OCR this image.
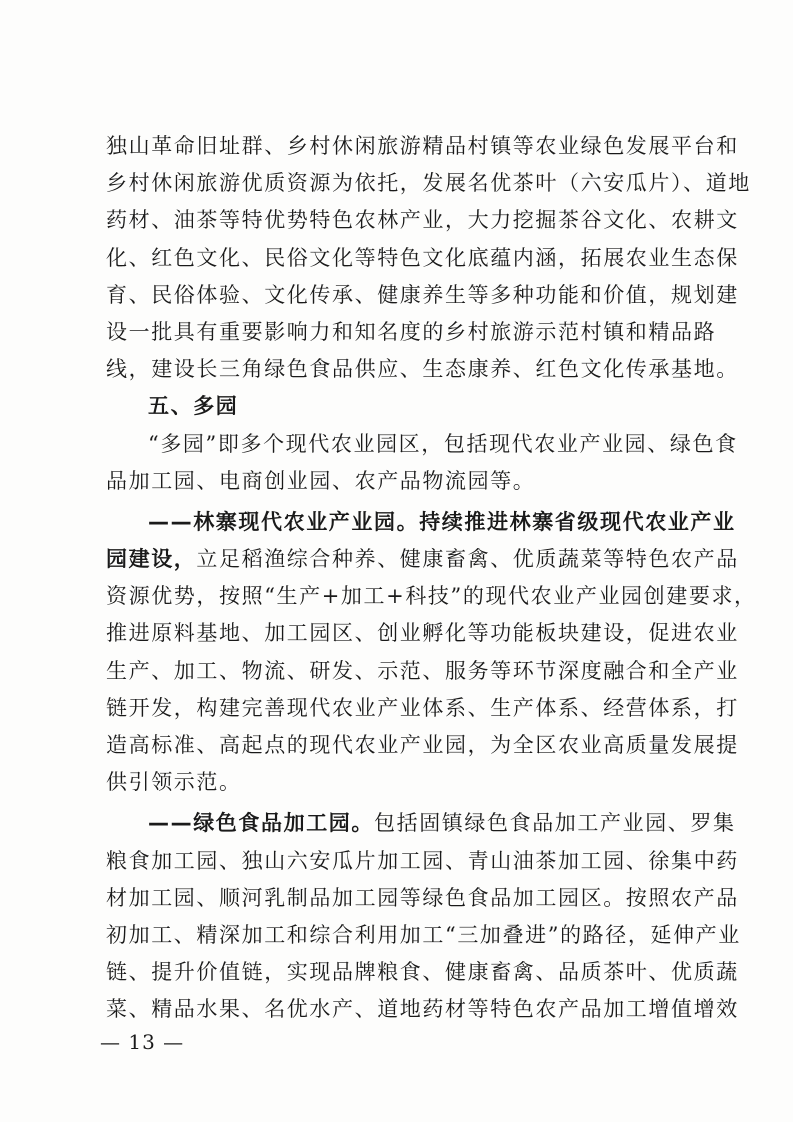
独山革命旧址群、乡村休闲旅游精品村镇等农业绿色发展平台和
乡村休闲旅游优质资源为依托，发展名优茶叶（六安瓜片）、道地
药材、油茶等特优势特色农林产业，大力挖掘茶谷文化、农耕文
化、红色文化、民俗文化等特色文化底蕴内涵，拓展农业生态保
育、民俗体验、文化传承、健康养生等多种功能和价值，规划建
设一批具有重要影响力和知名度的乡村旅游示范村镇和精品路
线，建设长三角绿色食品供应、生态康养、红色文化传承基地。
五、多园
“多园”即多个现代农业园区，包括现代农业产业园、绿色食
品加工园、电商创业园、农产品物流园等。
——林寨现代农业产业园。持续推进林寨省级现代农业产业
园建设，立足稻渔综合种养、健康畜禽、优质蔬菜等特色农产品
资源优势，按照“生产+加工+科技”的现代农业产业园创建要求，
推进原料基地、加工园区、创业孵化等功能板块建设，促进农业
生产、加工、物流、研发、示范、服务等环节深度融合和全产业
链开发，构建完善现代农业产业体系、生产体系、经营体系，打
造高标准、高起点的现代农业产业园，为全区农业高质量发展提
供引领示范。
——绿色食品加工园。包括固镇绿色食品加工产业园、罗集
粮食加工园、独山六安瓜片加工园、青山油茶加工园、徐集中药
材加工园、顺河乳制品加工园等绿色食品加工园区。按照农产品
初加工、精深加工和综合利用加工“三加叠进”的路径，延伸产业
链、提升价值链，实现品牌粮食、健康畜禽、品质茶叶、优质蔬
菜、精品水果、名优水产、道地药材等特色农产品加工增值增效
— 13 —
